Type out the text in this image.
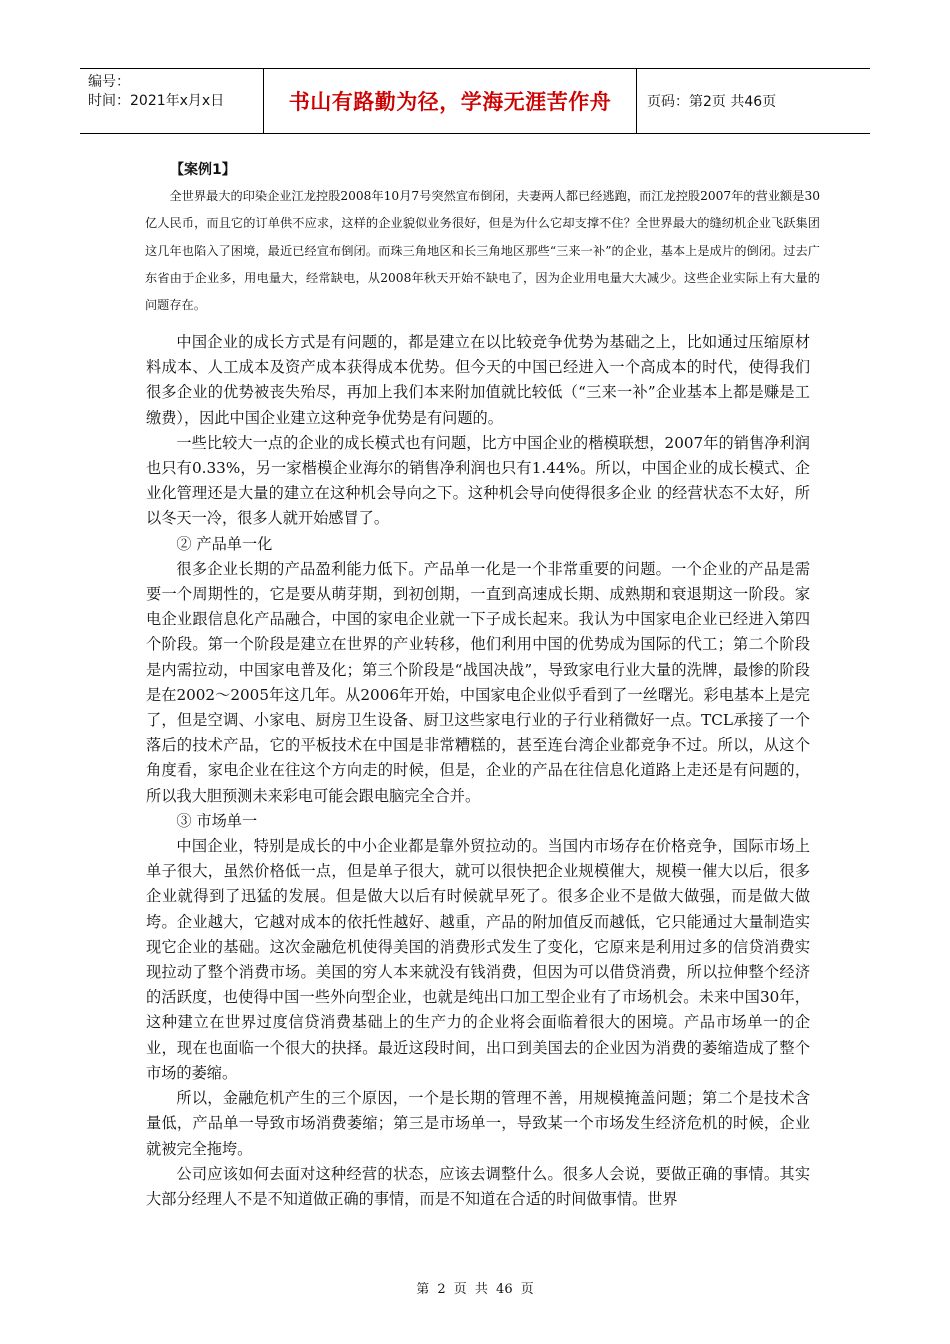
编号：
时间：2021年x月x日	书山有路勤为径，学海无涯苦作舟	页码：第2页 共46页
【案例1】

全世界最大的印染企业江龙控股2008年10月7号突然宣布倒闭，夫妻两人都已经逃跑，而江龙控股2007年的营业额是30亿人民币，而且它的订单供不应求，这样的企业貌似业务很好，但是为什么它却支撑不住？全世界最大的缝纫机企业飞跃集团这几年也陷入了困境，最近已经宣布倒闭。而珠三角地区和长三角地区那些“三来一补”的企业，基本上是成片的倒闭。过去广东省由于企业多，用电量大，经常缺电，从2008年秋天开始不缺电了，因为企业用电量大大减少。这些企业实际上有大量的问题存在。

中国企业的成长方式是有问题的，都是建立在以比较竞争优势为基础之上，比如通过压缩原材料成本、人工成本及资产成本获得成本优势。但今天的中国已经进入一个高成本的时代，使得我们很多企业的优势被丧失殆尽，再加上我们本来附加值就比较低（“三来一补”企业基本上都是赚是工缴费），因此中国企业建立这种竞争优势是有问题的。

一些比较大一点的企业的成长模式也有问题，比方中国企业的楷模联想，2007年的销售净利润也只有0.33%，另一家楷模企业海尔的销售净利润也只有1.44%。所以，中国企业的成长模式、企业化管理还是大量的建立在这种机会导向之下。这种机会导向使得很多企业 的经营状态不太好，所以冬天一冷，很多人就开始感冒了。

② 产品单一化

很多企业长期的产品盈利能力低下。产品单一化是一个非常重要的问题。一个企业的产品是需要一个周期性的，它是要从萌芽期，到初创期，一直到高速成长期、成熟期和衰退期这一阶段。家电企业跟信息化产品融合，中国的家电企业就一下子成长起来。我认为中国家电企业已经进入第四个阶段。第一个阶段是建立在世界的产业转移，他们利用中国的优势成为国际的代工；第二个阶段是内需拉动，中国家电普及化；第三个阶段是“战国决战”，导致家电行业大量的洗牌，最惨的阶段是在2002～2005年这几年。从2006年开始，中国家电企业似乎看到了一丝曙光。彩电基本上是完了，但是空调、小家电、厨房卫生设备、厨卫这些家电行业的子行业稍微好一点。TCL承接了一个落后的技术产品，它的平板技术在中国是非常糟糕的，甚至连台湾企业都竞争不过。所以，从这个角度看，家电企业在往这个方向走的时候，但是，企业的产品在往信息化道路上走还是有问题的，所以我大胆预测未来彩电可能会跟电脑完全合并。

③ 市场单一

中国企业，特别是成长的中小企业都是靠外贸拉动的。当国内市场存在价格竞争，国际市场上单子很大，虽然价格低一点，但是单子很大，就可以很快把企业规模催大，规模一催大以后，很多企业就得到了迅猛的发展。但是做大以后有时候就早死了。很多企业不是做大做强，而是做大做垮。企业越大，它越对成本的依托性越好、越重，产品的附加值反而越低，它只能通过大量制造实现它企业的基础。这次金融危机使得美国的消费形式发生了变化，它原来是利用过多的信贷消费实现拉动了整个消费市场。美国的穷人本来就没有钱消费，但因为可以借贷消费，所以拉伸整个经济的活跃度，也使得中国一些外向型企业，也就是纯出口加工型企业有了市场机会。未来中国30年，这种建立在世界过度信贷消费基础上的生产力的企业将会面临着很大的困境。产品市场单一的企业，现在也面临一个很大的抉择。最近这段时间，出口到美国去的企业因为消费的萎缩造成了整个市场的萎缩。

所以，金融危机产生的三个原因，一个是长期的管理不善，用规模掩盖问题；第二个是技术含量低，产品单一导致市场消费萎缩；第三是市场单一，导致某一个市场发生经济危机的时候，企业就被完全拖垮。

公司应该如何去面对这种经营的状态，应该去调整什么。很多人会说，要做正确的事情。其实大部分经理人不是不知道做正确的事情，而是不知道在合适的时间做事情。世界

第 2 页 共 46 页
